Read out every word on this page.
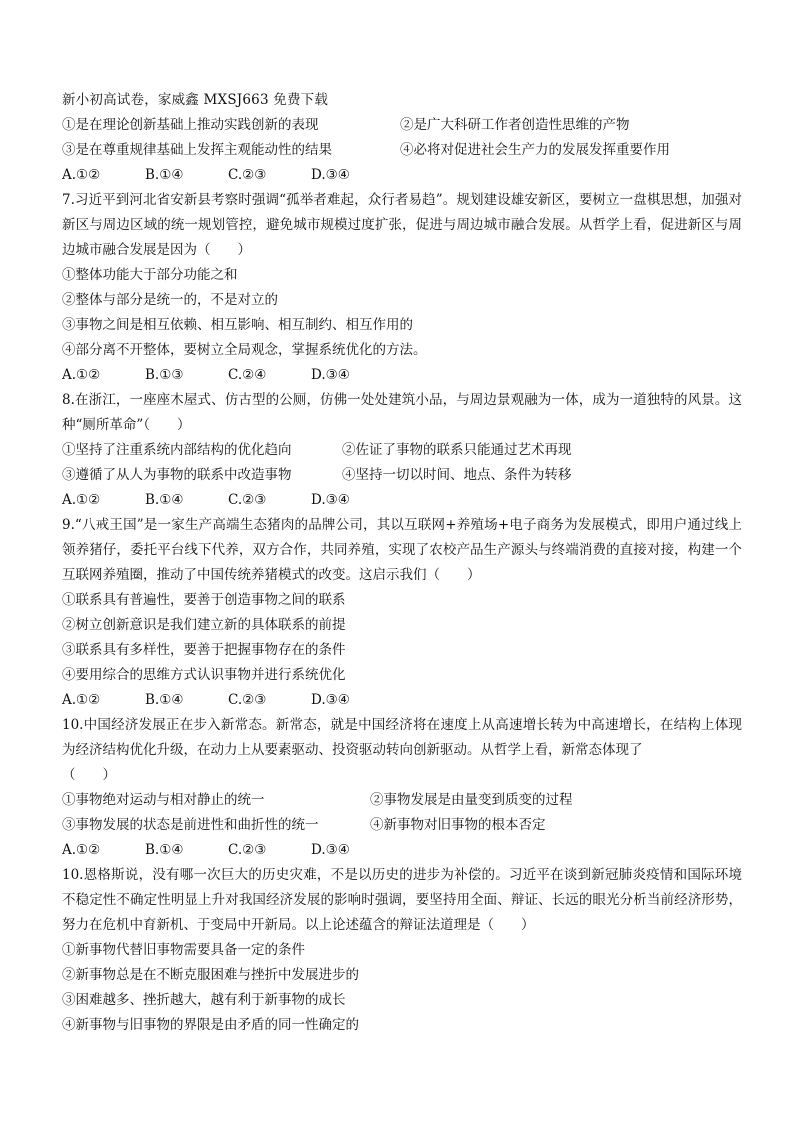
新小初高试卷，家威鑫 MXSJ663 免费下载
①是在理论创新基础上推动实践创新的表现	②是广大科研工作者创造性思维的产物
③是在尊重规律基础上发挥主观能动性的结果	④必将对促进社会生产力的发展发挥重要作用
A.①②	B.①④	C.②③	D.③④
7.习近平到河北省安新县考察时强调“孤举者难起，众行者易趋”。规划建设雄安新区，要树立一盘棋思想，加强对新区与周边区域的统一规划管控，避免城市规模过度扩张，促进与周边城市融合发展。从哲学上看，促进新区与周边城市融合发展是因为（　　）
①整体功能大于部分功能之和
②整体与部分是统一的，不是对立的
③事物之间是相互依赖、相互影响、相互制约、相互作用的
④部分离不开整体，要树立全局观念，掌握系统优化的方法。
A.①②	B.①③	C.②④	D.③④
8.在浙江，一座座木屋式、仿古型的公厕，仿佛一处处建筑小品，与周边景观融为一体，成为一道独特的风景。这种“厕所革命”（　　）
①坚持了注重系统内部结构的优化趋向	②佐证了事物的联系只能通过艺术再现
③遵循了从人为事物的联系中改造事物	④坚持一切以时间、地点、条件为转移
A.①②	B.①④	C.②③	D.③④
9.“八戒王国”是一家生产高端生态猪肉的品牌公司，其以互联网+养殖场+电子商务为发展模式，即用户通过线上领养猪仔，委托平台线下代养，双方合作，共同养殖，实现了农校产品生产源头与终端消费的直接对接，构建一个互联网养殖圈，推动了中国传统养猪模式的改变。这启示我们（　　）
①联系具有普遍性，要善于创造事物之间的联系
②树立创新意识是我们建立新的具体联系的前提
③联系具有多样性，要善于把握事物存在的条件
④要用综合的思维方式认识事物并进行系统优化
A.①②	B.①④	C.②③	D.③④
10.中国经济发展正在步入新常态。新常态，就是中国经济将在速度上从高速增长转为中高速增长，在结构上体现为经济结构优化升级，在动力上从要素驱动、投资驱动转向创新驱动。从哲学上看，新常态体现了
（　　）
①事物绝对运动与相对静止的统一	②事物发展是由量变到质变的过程
③事物发展的状态是前进性和曲折性的统一	④新事物对旧事物的根本否定
A.①②	B.①④	C.②③	D.③④
10.恩格斯说，没有哪一次巨大的历史灾难，不是以历史的进步为补偿的。习近平在谈到新冠肺炎疫情和国际环境不稳定性不确定性明显上升对我国经济发展的影响时强调，要坚持用全面、辩证、长远的眼光分析当前经济形势，努力在危机中育新机、于变局中开新局。以上论述蕴含的辩证法道理是（　　）
①新事物代替旧事物需要具备一定的条件
②新事物总是在不断克服困难与挫折中发展进步的
③困难越多、挫折越大，越有利于新事物的成长
④新事物与旧事物的界限是由矛盾的同一性确定的
